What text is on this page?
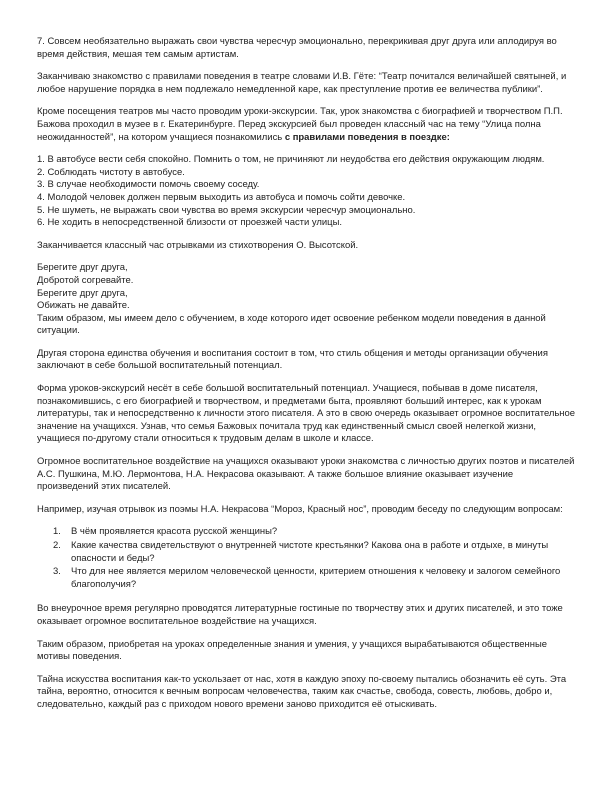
7. Совсем необязательно выражать свои чувства чересчур эмоционально, перекрикивая друг друга или аплодируя во время действия, мешая тем самым артистам.

Заканчиваю знакомство с правилами поведения в театре словами И.В. Гёте: “Театр почитался величайшей святыней, и любое нарушение порядка в нем подлежало немедленной каре, как преступление против ее величества публики”.

Кроме посещения театров мы часто проводим уроки-экскурсии. Так, урок знакомства с биографией и творчеством П.П. Бажова проходил в музее в г. Екатеринбурге. Перед экскурсией был проведен классный час на тему “Улица полна неожиданностей”, на котором учащиеся познакомились с правилами поведения в поездке:

1. В автобусе вести себя спокойно. Помнить о том, не причиняют ли неудобства его действия окружающим людям.

2. Соблюдать чистоту в автобусе.

3. В случае необходимости помочь своему соседу.

4. Молодой человек должен первым выходить из автобуса и помочь сойти девочке.

5. Не шуметь, не выражать свои чувства во время экскурсии чересчур эмоционально.

6. Не ходить в непосредственной близости от проезжей части улицы.

Заканчивается классный час отрывками из стихотворения О. Высотской.

Берегите друг друга,

Добротой согревайте.

Берегите друг друга,

Обижать не давайте.

Таким образом, мы имеем дело с обучением, в ходе которого идет освоение ребенком модели поведения в данной ситуации.

Другая сторона единства обучения и воспитания состоит в том, что стиль общения и методы организации обучения заключают в себе большой воспитательный потенциал.

Форма уроков-экскурсий несёт в себе большой воспитательный потенциал. Учащиеся, побывав в доме писателя, познакомившись, с его биографией и творчеством, и предметами быта, проявляют больший интерес, как к урокам литературы, так и непосредственно к личности этого писателя. А это в свою очередь оказывает огромное воспитательное значение на учащихся. Узнав, что семья Бажовых почитала труд как единственный смысл своей нелегкой жизни, учащиеся по-другому стали относиться к трудовым делам в школе и классе.

Огромное воспитательное воздействие на учащихся оказывают уроки знакомства с личностью других поэтов и писателей А.С. Пушкина, М.Ю. Лермонтова, Н.А. Некрасова оказывают. А также большое влияние оказывает изучение произведений этих писателей.

Например, изучая отрывок из поэмы Н.А. Некрасова “Мороз, Красный нос”, проводим беседу по следующим вопросам:

1. В чём проявляется красота русской женщины?
2. Какие качества свидетельствуют о внутренней чистоте крестьянки? Какова она в работе и отдыхе, в минуты опасности и беды?
3. Что для нее является мерилом человеческой ценности, критерием отношения к человеку и залогом семейного благополучия?

Во внеурочное время регулярно проводятся литературные гостиные по творчеству этих и других писателей, и это тоже оказывает огромное воспитательное воздействие на учащихся.

Таким образом, приобретая на уроках определенные знания и умения, у учащихся вырабатываются общественные мотивы поведения.

Тайна искусства воспитания как-то ускользает от нас, хотя в каждую эпоху по-своему пытались обозначить её суть. Эта тайна, вероятно, относится к вечным вопросам человечества, таким как счастье, свобода, совесть, любовь, добро и, следовательно, каждый раз с приходом нового времени заново приходится её отыскивать.
